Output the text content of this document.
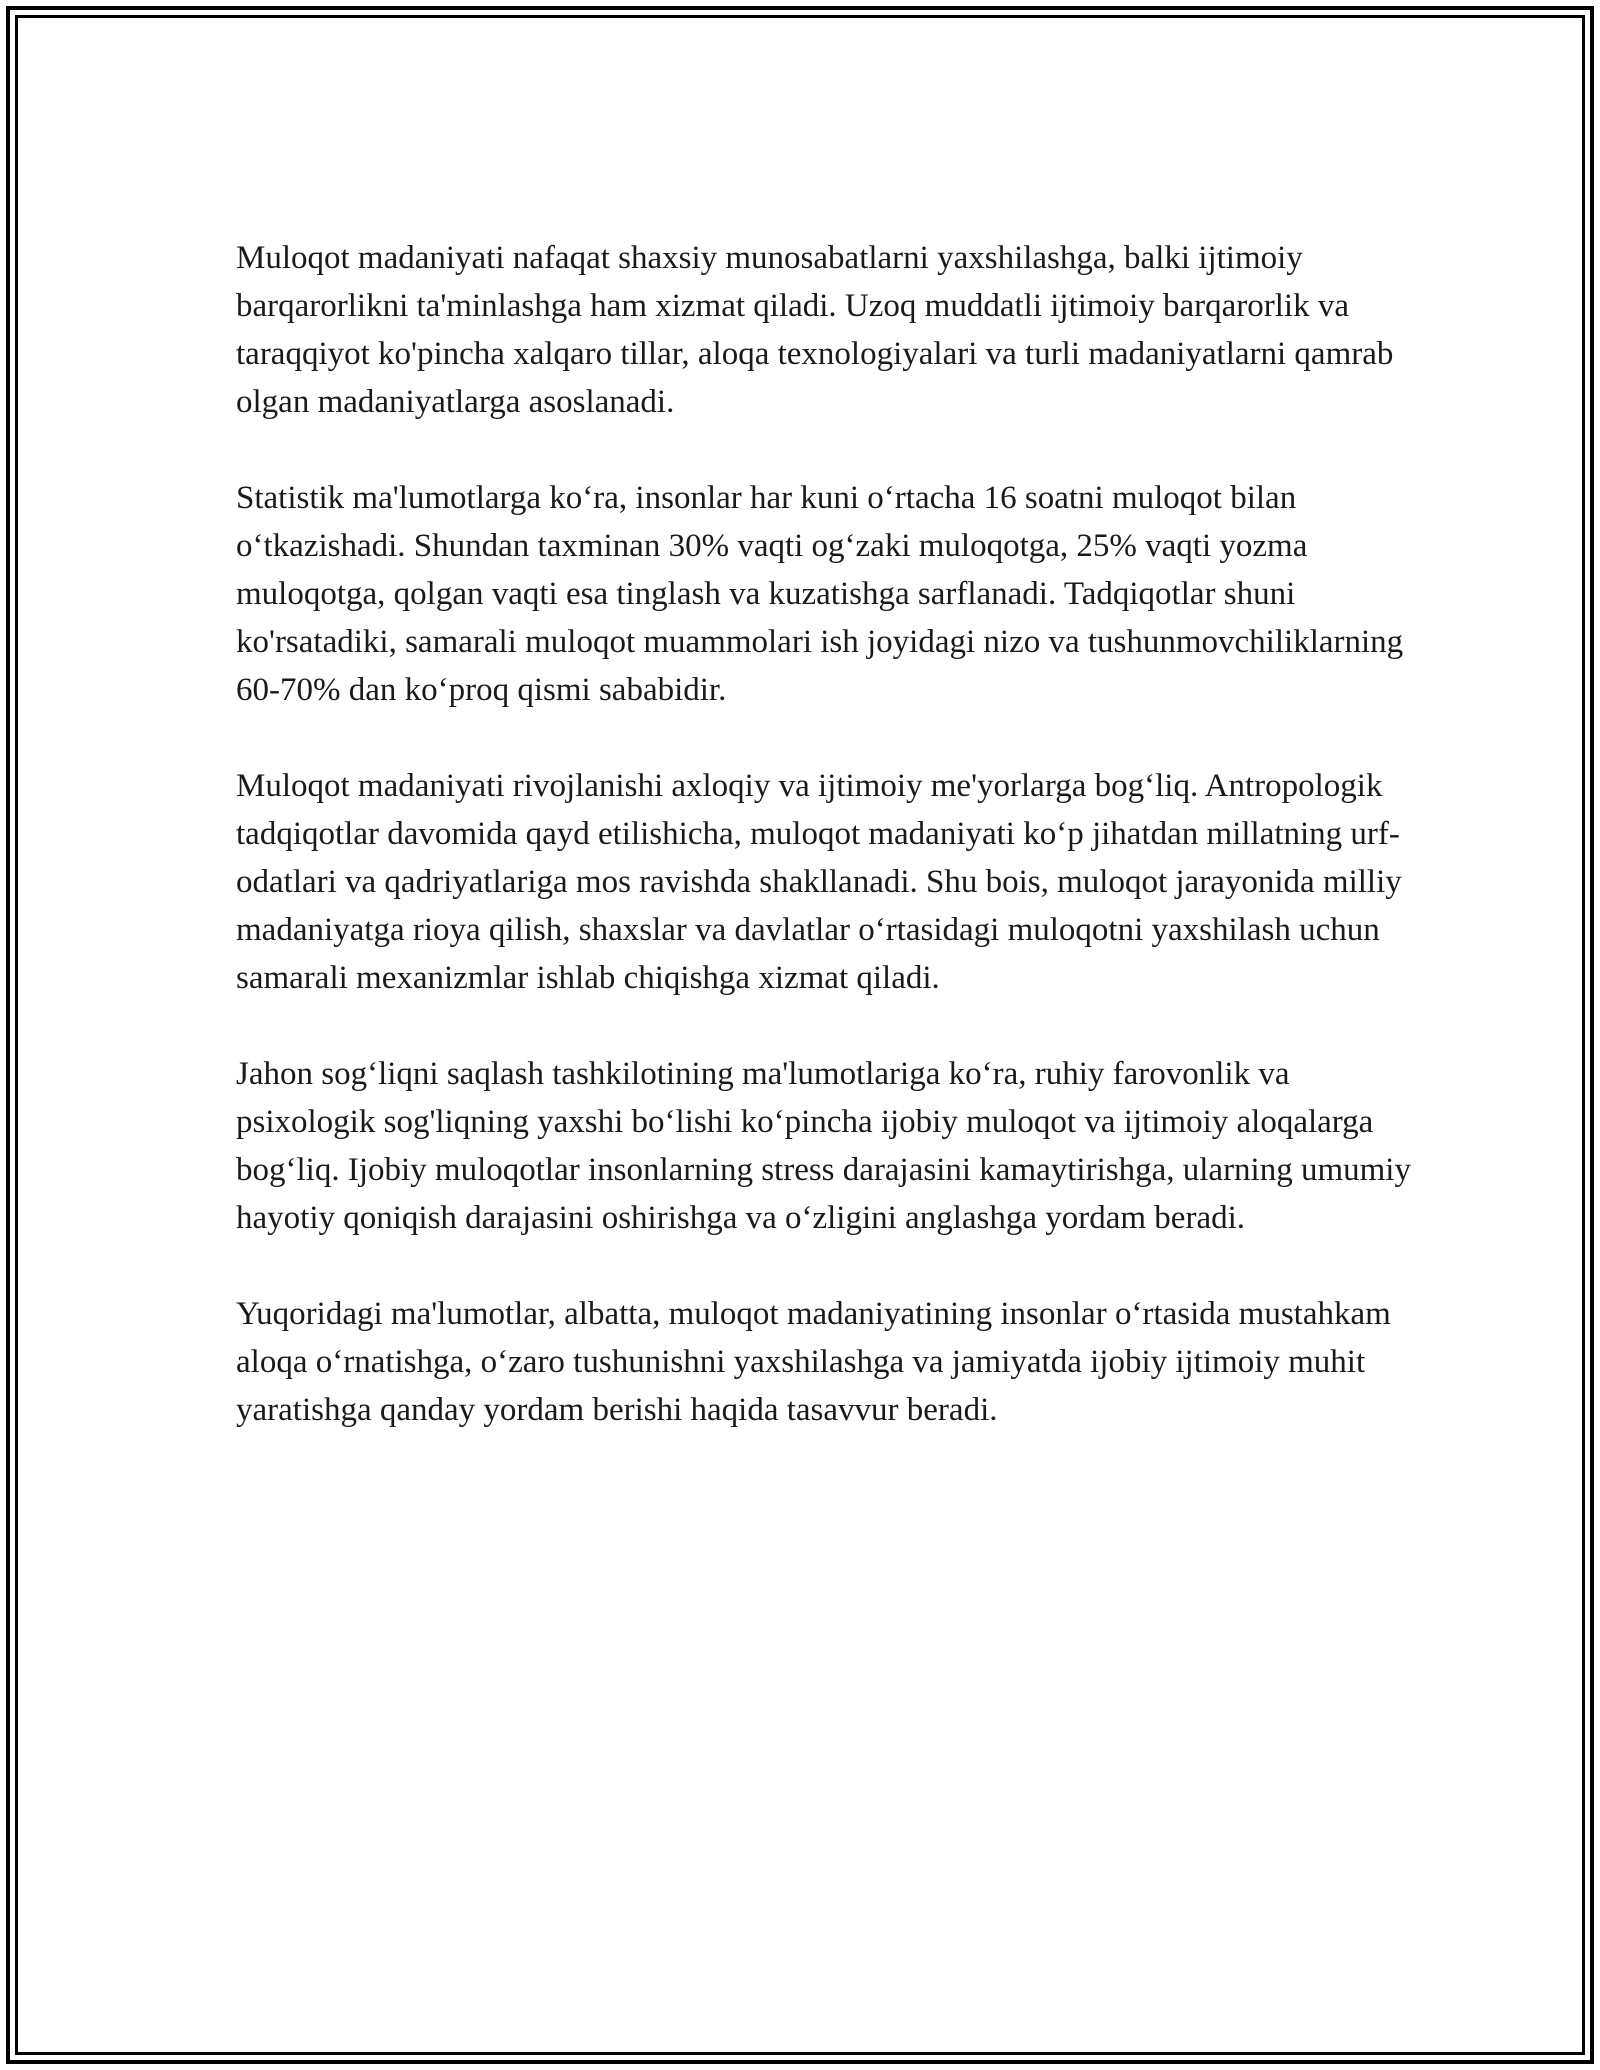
Muloqot madaniyati nafaqat shaxsiy munosabatlarni yaxshilashga, balki ijtimoiy barqarorlikni ta'minlashga ham xizmat qiladi. Uzoq muddatli ijtimoiy barqarorlik va taraqqiyot ko'pincha xalqaro tillar, aloqa texnologiyalari va turli madaniyatlarni qamrab olgan madaniyatlarga asoslanadi.

Statistik ma'lumotlarga ko‘ra, insonlar har kuni o‘rtacha 16 soatni muloqot bilan o‘tkazishadi. Shundan taxminan 30% vaqti og‘zaki muloqotga, 25% vaqti yozma muloqotga, qolgan vaqti esa tinglash va kuzatishga sarflanadi. Tadqiqotlar shuni ko'rsatadiki, samarali muloqot muammolari ish joyidagi nizo va tushunmovchiliklarning 60-70% dan ko‘proq qismi sababidir.

Muloqot madaniyati rivojlanishi axloqiy va ijtimoiy me'yorlarga bog‘liq. Antropologik tadqiqotlar davomida qayd etilishicha, muloqot madaniyati ko‘p jihatdan millatning urf-odatlari va qadriyatlariga mos ravishda shakllanadi. Shu bois, muloqot jarayonida milliy madaniyatga rioya qilish, shaxslar va davlatlar o‘rtasidagi muloqotni yaxshilash uchun samarali mexanizmlar ishlab chiqishga xizmat qiladi.

Jahon sog‘liqni saqlash tashkilotining ma'lumotlariga ko‘ra, ruhiy farovonlik va psixologik sog'liqning yaxshi bo‘lishi ko‘pincha ijobiy muloqot va ijtimoiy aloqalarga bog‘liq. Ijobiy muloqotlar insonlarning stress darajasini kamaytirishga, ularning umumiy hayotiy qoniqish darajasini oshirishga va o‘zligini anglashga yordam beradi.

Yuqoridagi ma'lumotlar, albatta, muloqot madaniyatining insonlar o‘rtasida mustahkam aloqa o‘rnatishga, o‘zaro tushunishni yaxshilashga va jamiyatda ijobiy ijtimoiy muhit yaratishga qanday yordam berishi haqida tasavvur beradi.
